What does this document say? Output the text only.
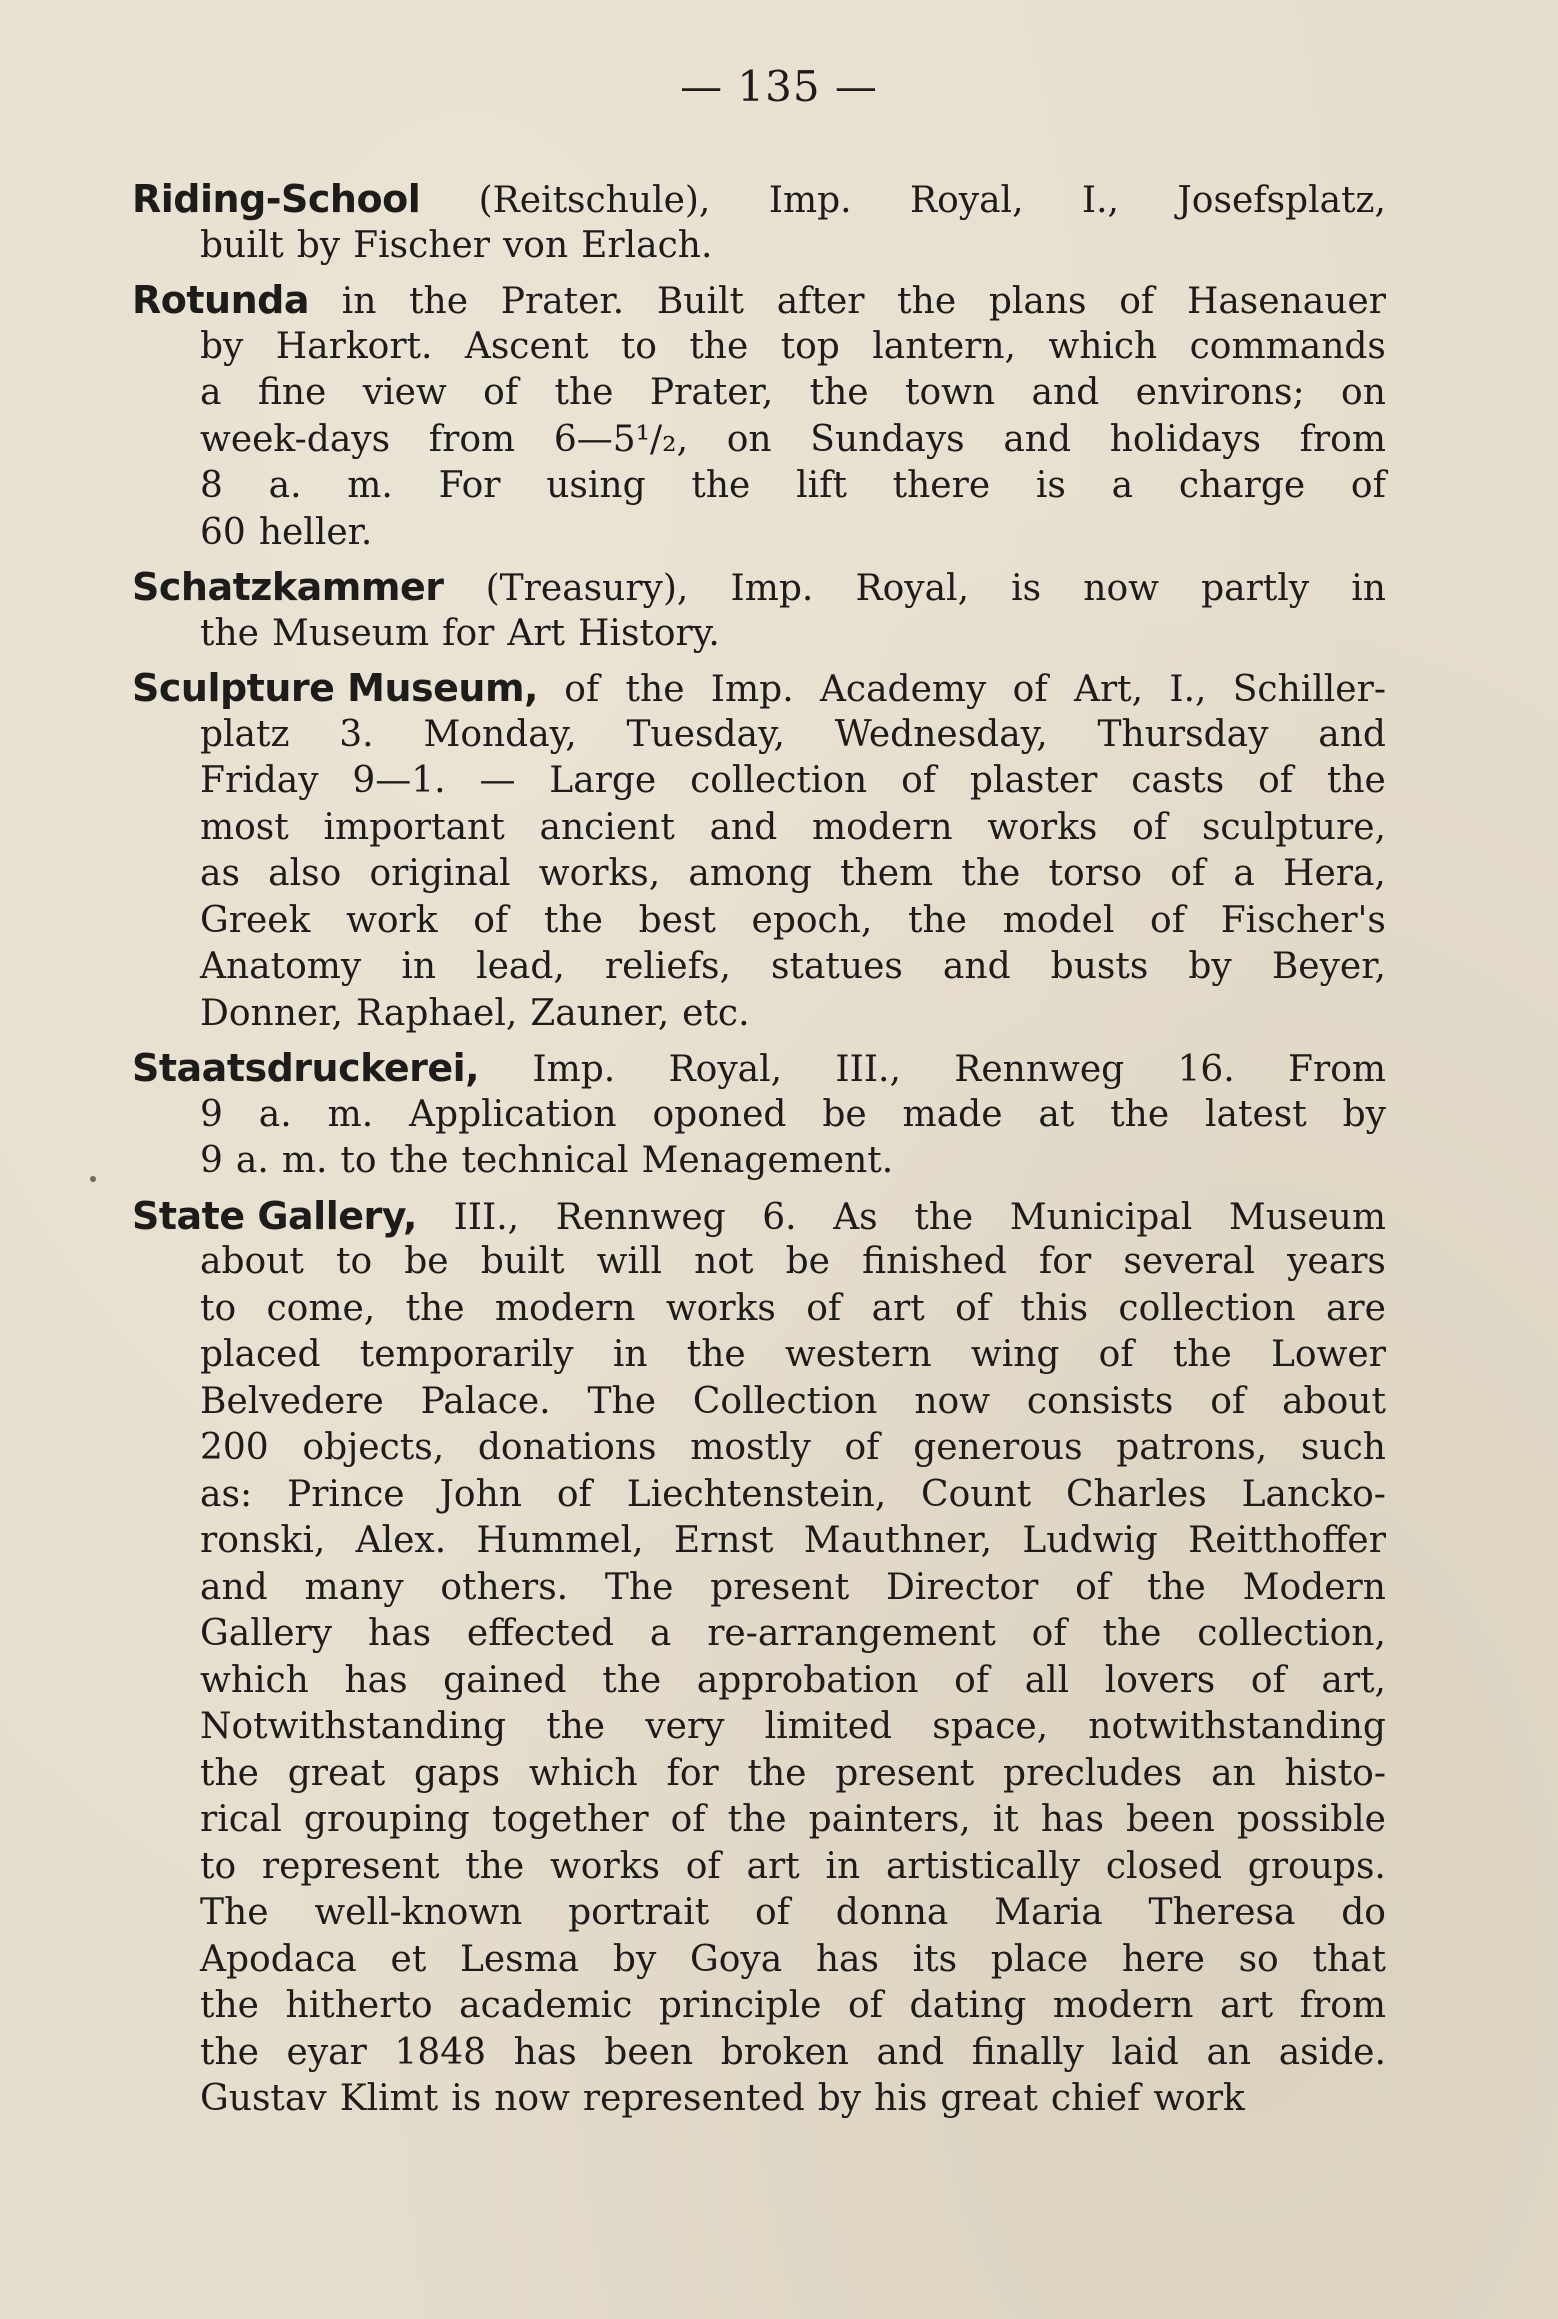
— 135 —
Riding-School (Reitschule), Imp. Royal, I., Josefsplatz,
built by Fischer von Erlach.
Rotunda in the Prater. Built after the plans of Hasenauer
by Harkort. Ascent to the top lantern, which commands
a fine view of the Prater, the town and environs; on
week-days from 6—5¹/₂, on Sundays and holidays from
8 a. m. For using the lift there is a charge of
60 heller.
Schatzkammer (Treasury), Imp. Royal, is now partly in
the Museum for Art History.
Sculpture Museum, of the Imp. Academy of Art, I., Schiller-
platz 3. Monday, Tuesday, Wednesday, Thursday and
Friday 9—1. — Large collection of plaster casts of the
most important ancient and modern works of sculpture,
as also original works, among them the torso of a Hera,
Greek work of the best epoch, the model of Fischer's
Anatomy in lead, reliefs, statues and busts by Beyer,
Donner, Raphael, Zauner, etc.
Staatsdruckerei, Imp. Royal, III., Rennweg 16. From
9 a. m. Application oponed be made at the latest by
9 a. m. to the technical Menagement.
State Gallery, III., Rennweg 6. As the Municipal Museum
about to be built will not be finished for several years
to come, the modern works of art of this collection are
placed temporarily in the western wing of the Lower
Belvedere Palace. The Collection now consists of about
200 objects, donations mostly of generous patrons, such
as: Prince John of Liechtenstein, Count Charles Lancko-
ronski, Alex. Hummel, Ernst Mauthner, Ludwig Reitthoffer
and many others. The present Director of the Modern
Gallery has effected a re-arrangement of the collection,
which has gained the approbation of all lovers of art,
Notwithstanding the very limited space, notwithstanding
the great gaps which for the present precludes an histo-
rical grouping together of the painters, it has been possible
to represent the works of art in artistically closed groups.
The well-known portrait of donna Maria Theresa do
Apodaca et Lesma by Goya has its place here so that
the hitherto academic principle of dating modern art from
the eyar 1848 has been broken and finally laid an aside.
Gustav Klimt is now represented by his great chief work
